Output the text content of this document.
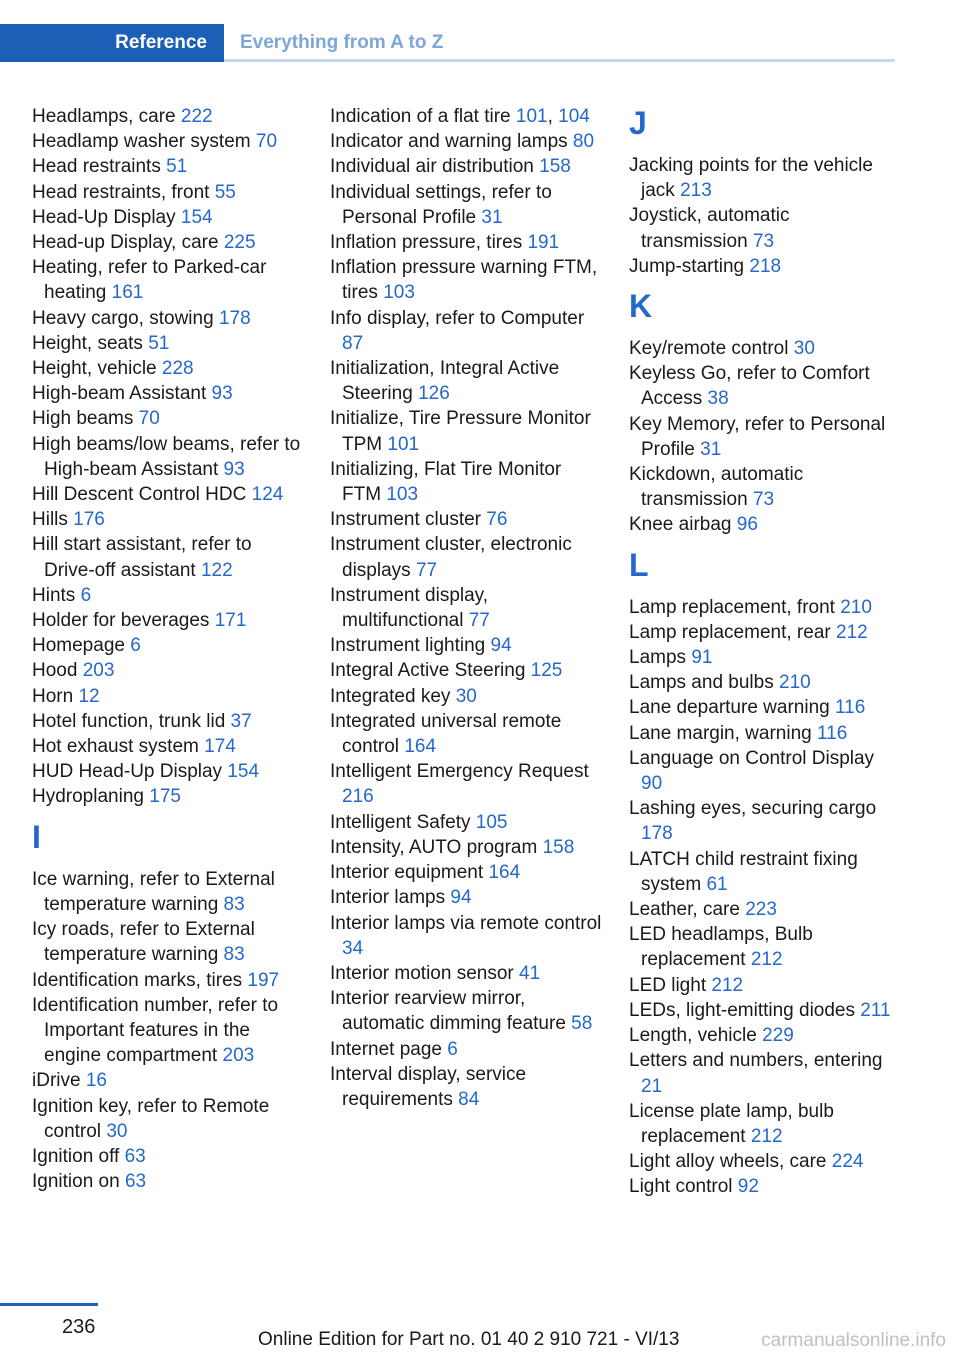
Reference	Everything from A to Z
Headlamps, care 222
Headlamp washer system 70
Head restraints 51
Head restraints, front 55
Head-Up Display 154
Head-up Display, care 225
Heating, refer to Parked-car heating 161
Heavy cargo, stowing 178
Height, seats 51
Height, vehicle 228
High-beam Assistant 93
High beams 70
High beams/low beams, refer to High-beam Assistant 93
Hill Descent Control HDC 124
Hills 176
Hill start assistant, refer to Drive-off assistant 122
Hints 6
Holder for beverages 171
Homepage 6
Hood 203
Horn 12
Hotel function, trunk lid 37
Hot exhaust system 174
HUD Head-Up Display 154
Hydroplaning 175
I
Ice warning, refer to External temperature warning 83
Icy roads, refer to External temperature warning 83
Identification marks, tires 197
Identification number, refer to Important features in the engine compartment 203
iDrive 16
Ignition key, refer to Remote control 30
Ignition off 63
Ignition on 63
Indication of a flat tire 101, 104
Indicator and warning lamps 80
Individual air distribution 158
Individual settings, refer to Personal Profile 31
Inflation pressure, tires 191
Inflation pressure warning FTM, tires 103
Info display, refer to Computer 87
Initialization, Integral Active Steering 126
Initialize, Tire Pressure Monitor TPM 101
Initializing, Flat Tire Monitor FTM 103
Instrument cluster 76
Instrument cluster, electronic displays 77
Instrument display, multifunctional 77
Instrument lighting 94
Integral Active Steering 125
Integrated key 30
Integrated universal remote control 164
Intelligent Emergency Request 216
Intelligent Safety 105
Intensity, AUTO program 158
Interior equipment 164
Interior lamps 94
Interior lamps via remote control 34
Interior motion sensor 41
Interior rearview mirror, automatic dimming feature 58
Internet page 6
Interval display, service requirements 84
J
Jacking points for the vehicle jack 213
Joystick, automatic transmission 73
Jump-starting 218
K
Key/remote control 30
Keyless Go, refer to Comfort Access 38
Key Memory, refer to Personal Profile 31
Kickdown, automatic transmission 73
Knee airbag 96
L
Lamp replacement, front 210
Lamp replacement, rear 212
Lamps 91
Lamps and bulbs 210
Lane departure warning 116
Lane margin, warning 116
Language on Control Display 90
Lashing eyes, securing cargo 178
LATCH child restraint fixing system 61
Leather, care 223
LED headlamps, Bulb replacement 212
LED light 212
LEDs, light-emitting diodes 211
Length, vehicle 229
Letters and numbers, entering 21
License plate lamp, bulb replacement 212
Light alloy wheels, care 224
Light control 92
236
Online Edition for Part no. 01 40 2 910 721 - VI/13	carmanualsonline.info
